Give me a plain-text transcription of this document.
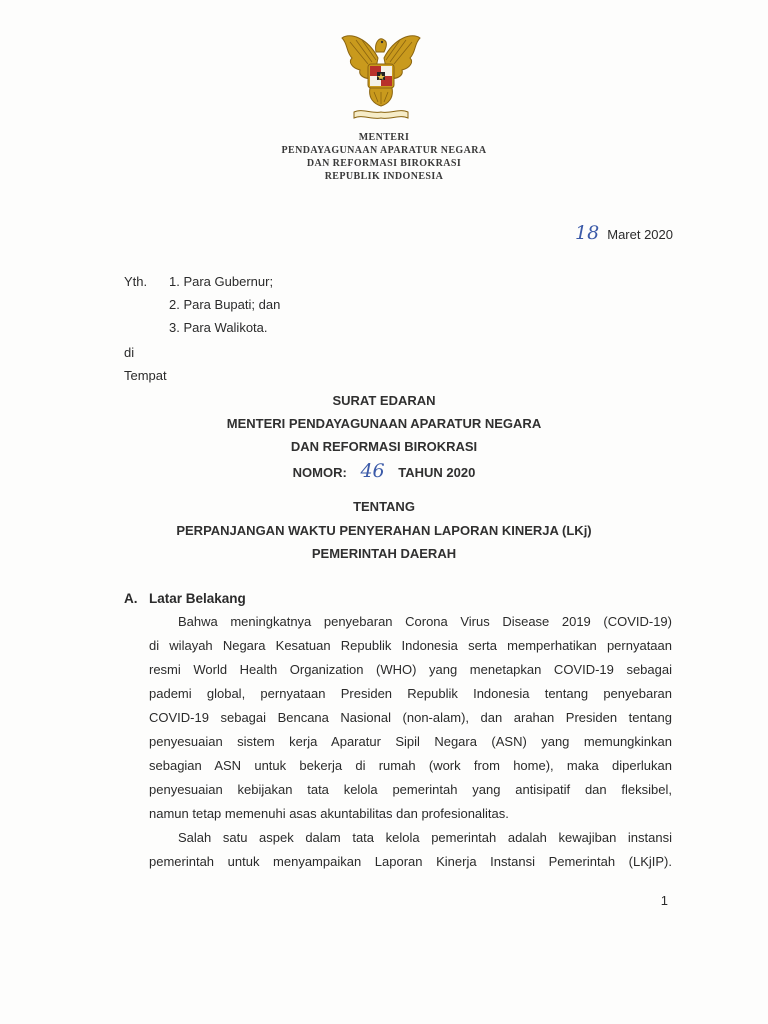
MENTERI
PENDAYAGUNAAN APARATUR NEGARA
DAN REFORMASI BIROKRASI
REPUBLIK INDONESIA
18 Maret 2020
Yth. 1. Para Gubernur;
2. Para Bupati; dan
3. Para Walikota.
di
Tempat
SURAT EDARAN
MENTERI PENDAYAGUNAAN APARATUR NEGARA
DAN REFORMASI BIROKRASI
NOMOR: 46 TAHUN 2020
TENTANG
PERPANJANGAN WAKTU PENYERAHAN LAPORAN KINERJA (LKj)
PEMERINTAH DAERAH
A. Latar Belakang
Bahwa meningkatnya penyebaran Corona Virus Disease 2019 (COVID-19)
di wilayah Negara Kesatuan Republik Indonesia serta memperhatikan pernyataan
resmi World Health Organization (WHO) yang menetapkan COVID-19 sebagai
pademi global, pernyataan Presiden Republik Indonesia tentang penyebaran
COVID-19 sebagai Bencana Nasional (non-alam), dan arahan Presiden tentang
penyesuaian sistem kerja Aparatur Sipil Negara (ASN) yang memungkinkan
sebagian ASN untuk bekerja di rumah (work from home), maka diperlukan
penyesuaian kebijakan tata kelola pemerintah yang antisipatif dan fleksibel,
namun tetap memenuhi asas akuntabilitas dan profesionalitas.
Salah satu aspek dalam tata kelola pemerintah adalah kewajiban instansi
pemerintah untuk menyampaikan Laporan Kinerja Instansi Pemerintah (LKjIP).
1
